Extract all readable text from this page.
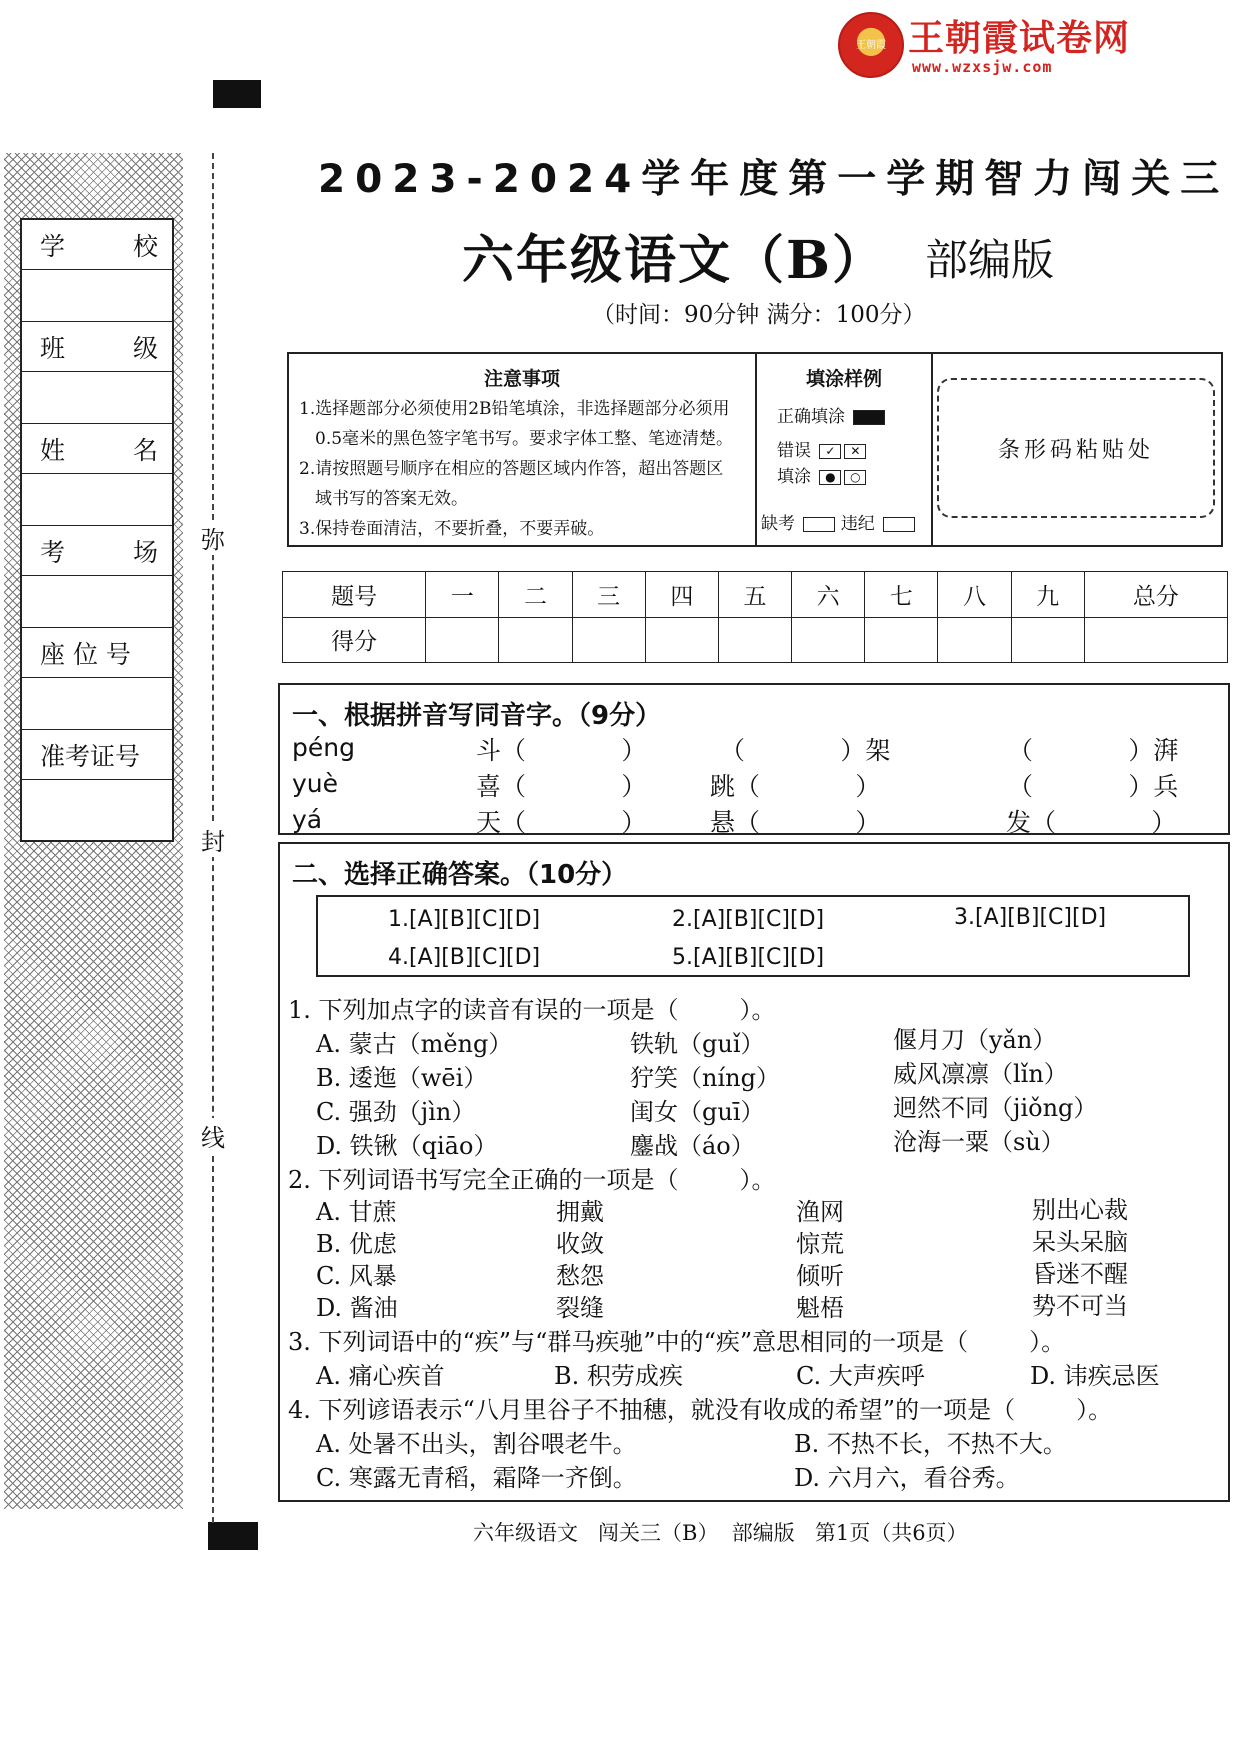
王朝霞 王朝霞试卷网
www.wzxsjw.com
学	校
班	级
姓	名
考	场
座 位 号
准考证号
弥
封
线
2023-2024学年度第一学期智力闯关三
六年级语文（B） 部编版
（时间：90分钟 满分：100分）
注意事项
1.选择题部分必须使用2B铅笔填涂，非选择题部分必须用
0.5毫米的黑色签字笔书写。要求字体工整、笔迹清楚。
2.请按照题号顺序在相应的答题区域内作答，超出答题区
域书写的答案无效。
3.保持卷面清洁，不要折叠，不要弄破。
填涂样例
正确填涂
错误 ✓ ✕
填涂 ● ○
缺考	违纪
条形码粘贴处
题号	一	二	三	四	五	六	七	八	九	总分
得分										
一、根据拼音写同音字。（9分）
péng	斗（            ）	（            ）架	（            ）湃
yuè	喜（            ）	跳（            ）	（            ）兵
yá	天（            ）	悬（            ）	发（            ）
二、选择正确答案。（10分）
1.[A][B][C][D]	2.[A][B][C][D]	3.[A][B][C][D]
4.[A][B][C][D]	5.[A][B][C][D]
1. 下列加点字的读音有误的一项是（        ）。
A. 蒙古（měng）	铁轨（guǐ）	偃月刀（yǎn）
B. 逶迤（wēi）	狞笑（níng）	威风凛凛（lǐn）
C. 强劲（jìn）	闺女（guī）	迥然不同（jiǒng）
D. 铁锹（qiāo）	鏖战（áo）	沧海一粟（sù）
2. 下列词语书写完全正确的一项是（        ）。
A. 甘蔗	拥戴	渔网	别出心裁
B. 优虑	收敛	惊荒	呆头呆脑
C. 风暴	愁怨	倾听	昏迷不醒
D. 酱油	裂缝	魁梧	势不可当
3. 下列词语中的“疾”与“群马疾驰”中的“疾”意思相同的一项是（        ）。
A. 痛心疾首	B. 积劳成疾	C. 大声疾呼	D. 讳疾忌医
4. 下列谚语表示“八月里谷子不抽穗，就没有收成的希望”的一项是（        ）。
A. 处暑不出头，割谷喂老牛。	B. 不热不长，不热不大。
C. 寒露无青稻，霜降一齐倒。	D. 六月六，看谷秀。
六年级语文   闯关三（B）  部编版   第1页（共6页）
